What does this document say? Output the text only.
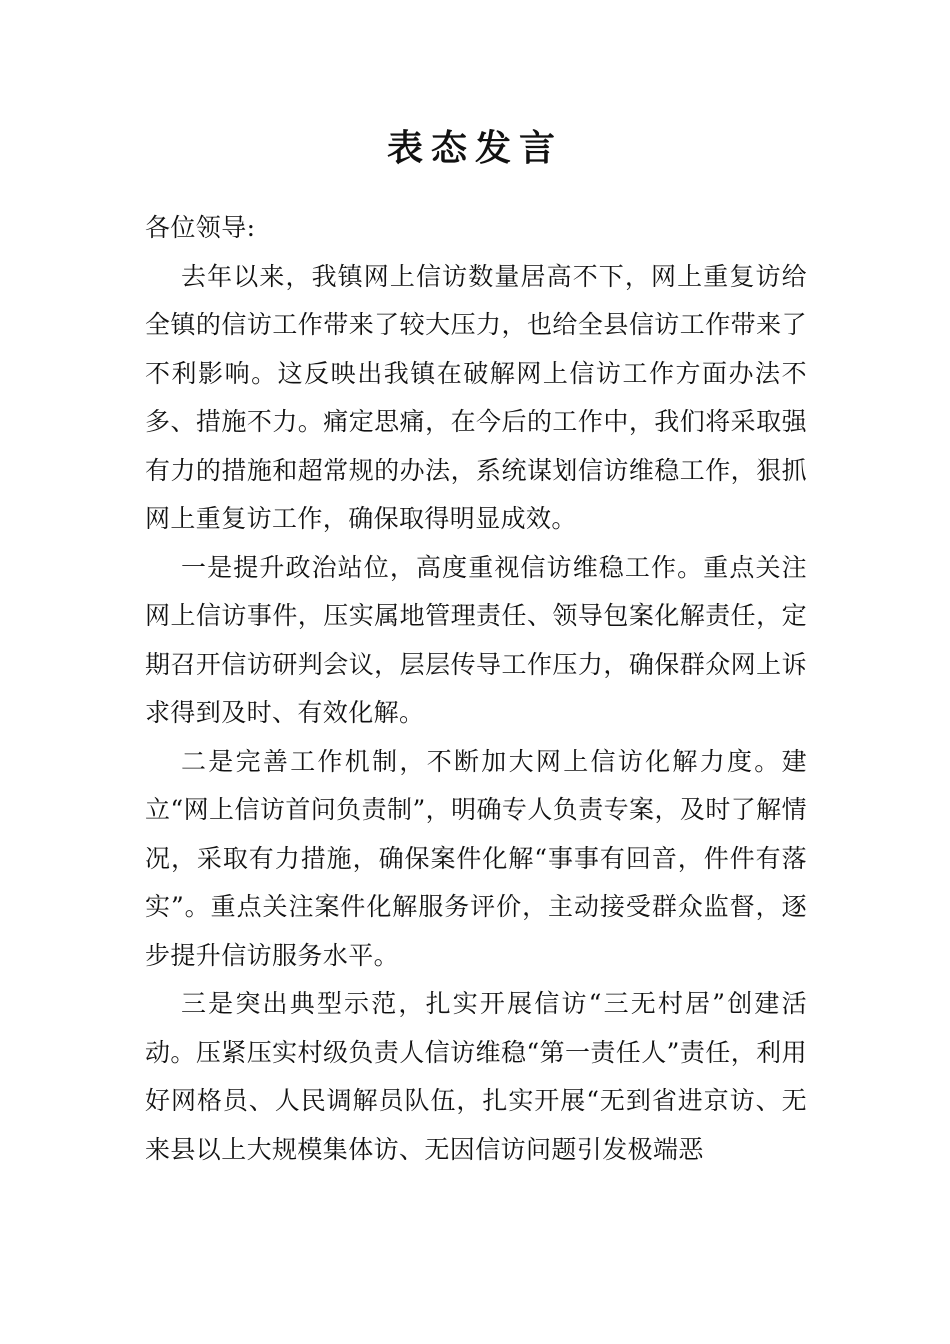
表态发言

各位领导:

去年以来，我镇网上信访数量居高不下，网上重复访给全镇的信访工作带来了较大压力，也给全县信访工作带来了不利影响。这反映出我镇在破解网上信访工作方面办法不多、措施不力。痛定思痛，在今后的工作中，我们将采取强有力的措施和超常规的办法，系统谋划信访维稳工作，狠抓网上重复访工作，确保取得明显成效。

一是提升政治站位，高度重视信访维稳工作。重点关注网上信访事件，压实属地管理责任、领导包案化解责任，定期召开信访研判会议，层层传导工作压力，确保群众网上诉求得到及时、有效化解。

二是完善工作机制，不断加大网上信访化解力度。建立“网上信访首问负责制”，明确专人负责专案，及时了解情况，采取有力措施，确保案件化解“事事有回音，件件有落实”。重点关注案件化解服务评价，主动接受群众监督，逐步提升信访服务水平。

三是突出典型示范，扎实开展信访“三无村居”创建活动。压紧压实村级负责人信访维稳“第一责任人”责任，利用好网格员、人民调解员队伍，扎实开展“无到省进京访、无来县以上大规模集体访、无因信访问题引发极端恶
